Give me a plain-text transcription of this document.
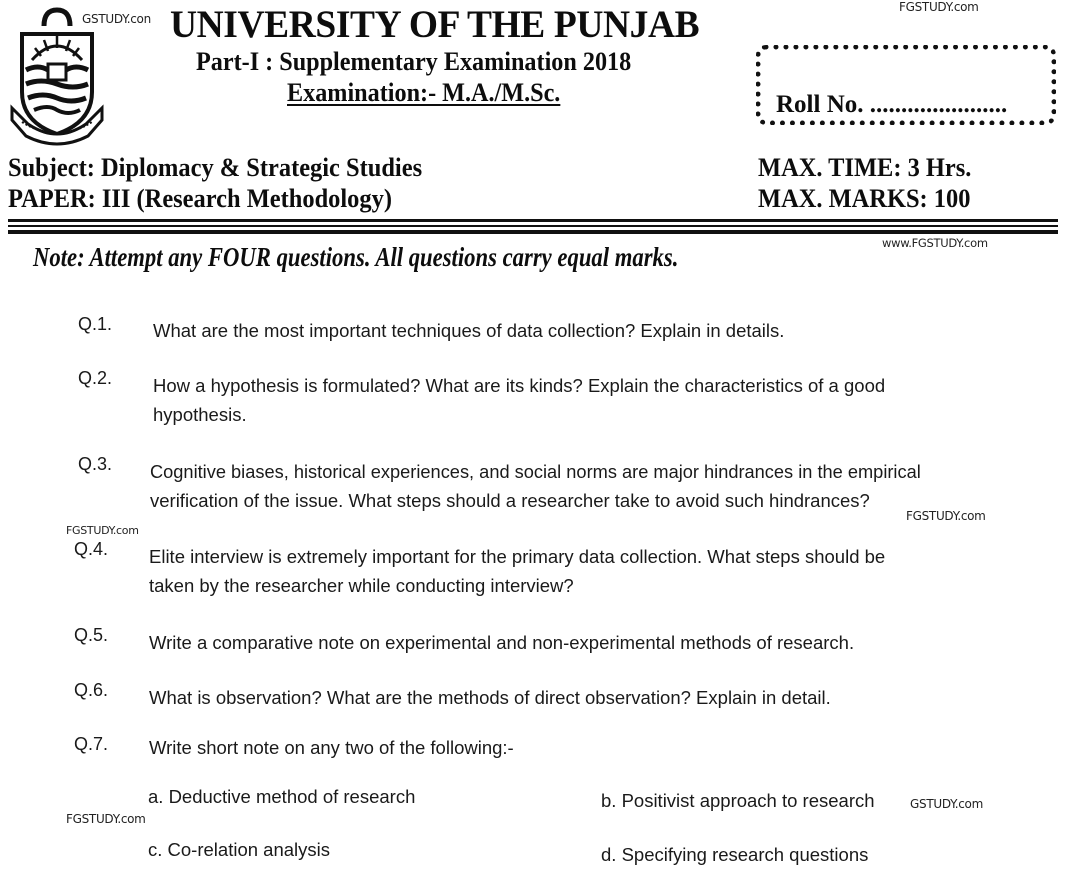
GSTUDY.con
FGSTUDY.com
www.FGSTUDY.com
FGSTUDY.com
FGSTUDY.com
FGSTUDY.com
GSTUDY.com
UNIVERSITY OF THE PUNJAB
Part-I : Supplementary Examination 2018
Examination:- M.A./M.Sc.	Roll No. ......................
Subject: Diplomacy & Strategic Studies
PAPER: III (Research Methodology)
MAX. TIME: 3 Hrs.
MAX. MARKS: 100
Note: Attempt any FOUR questions. All questions carry equal marks.
Q.1. What are the most important techniques of data collection? Explain in details.
Q.2. How a hypothesis is formulated? What are its kinds? Explain the characteristics of a good
hypothesis.
Q.3. Cognitive biases, historical experiences, and social norms are major hindrances in the empirical
verification of the issue. What steps should a researcher take to avoid such hindrances?
Q.4. Elite interview is extremely important for the primary data collection. What steps should be
taken by the researcher while conducting interview?
Q.5. Write a comparative note on experimental and non-experimental methods of research.
Q.6. What is observation? What are the methods of direct observation? Explain in detail.
Q.7. Write short note on any two of the following:-
a. Deductive method of research	b. Positivist approach to research
c. Co-relation analysis	d. Specifying research questions
